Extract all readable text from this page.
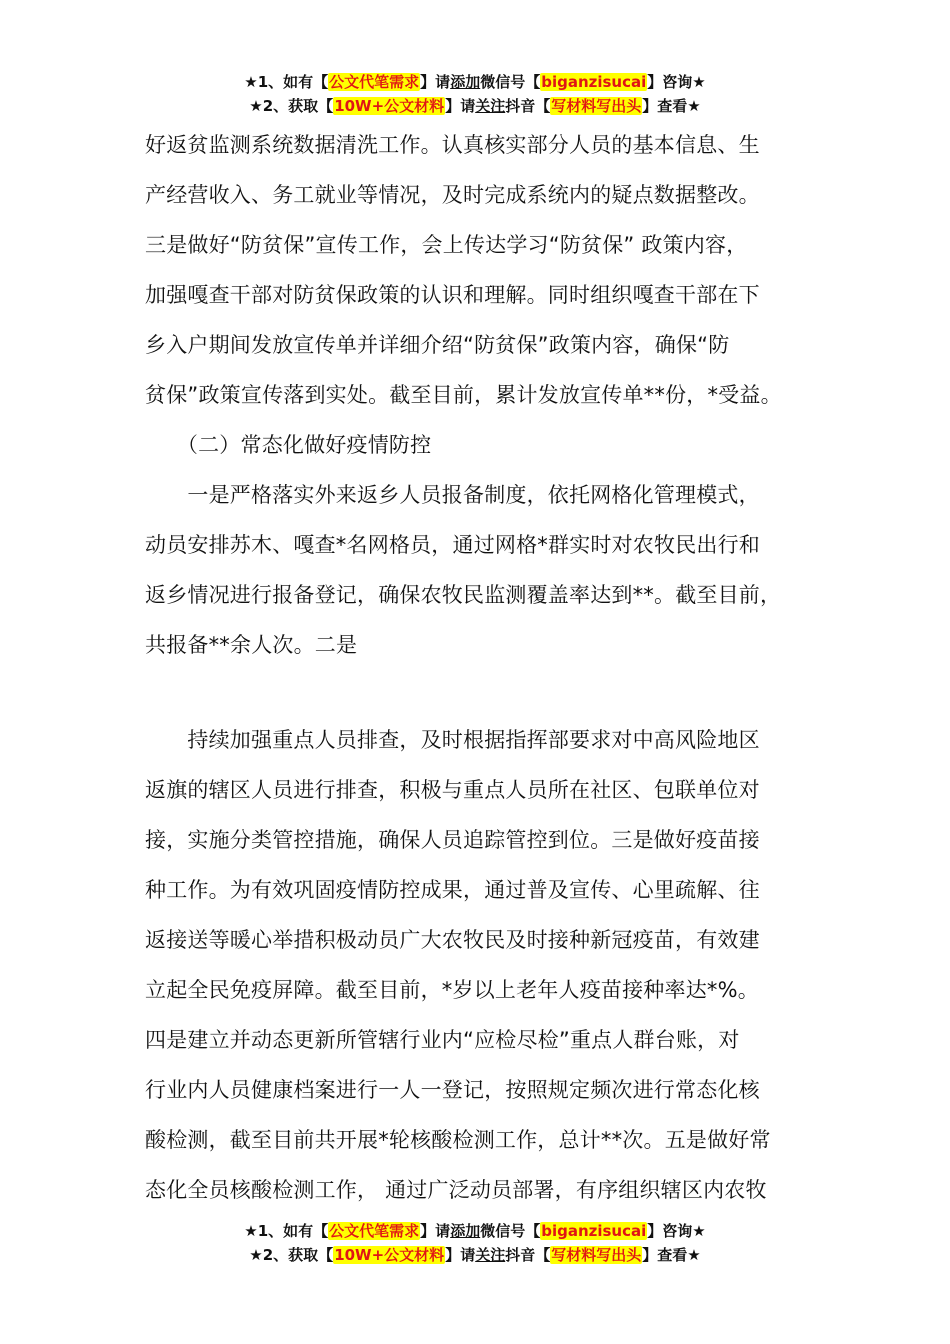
★1、如有【公文代笔需求】请添加微信号【biganzisucai】咨询★
★2、获取【10W+公文材料】请关注抖音【写材料写出头】查看★
好返贫监测系统数据清洗工作。认真核实部分人员的基本信息、生
产经营收入、务工就业等情况，及时完成系统内的疑点数据整改。
三是做好“防贫保”宣传工作，会上传达学习“防贫保” 政策内容，
加强嘎查干部对防贫保政策的认识和理解。同时组织嘎查干部在下
乡入户期间发放宣传单并详细介绍“防贫保”政策内容，确保“防
贫保”政策宣传落到实处。截至目前，累计发放宣传单**份，*受益。
　　（二）常态化做好疫情防控
　　一是严格落实外来返乡人员报备制度，依托网格化管理模式，
动员安排苏木、嘎查*名网格员，通过网格*群实时对农牧民出行和
返乡情况进行报备登记，确保农牧民监测覆盖率达到**。截至目前，
共报备**余人次。二是
　　持续加强重点人员排查，及时根据指挥部要求对中高风险地区
返旗的辖区人员进行排查，积极与重点人员所在社区、包联单位对
接，实施分类管控措施，确保人员追踪管控到位。三是做好疫苗接
种工作。为有效巩固疫情防控成果，通过普及宣传、心里疏解、往
返接送等暖心举措积极动员广大农牧民及时接种新冠疫苗，有效建
立起全民免疫屏障。截至目前，*岁以上老年人疫苗接种率达*%。
四是建立并动态更新所管辖行业内“应检尽检”重点人群台账，对
行业内人员健康档案进行一人一登记，按照规定频次进行常态化核
酸检测，截至目前共开展*轮核酸检测工作，总计**次。五是做好常
态化全员核酸检测工作， 通过广泛动员部署，有序组织辖区内农牧
★1、如有【公文代笔需求】请添加微信号【biganzisucai】咨询★
★2、获取【10W+公文材料】请关注抖音【写材料写出头】查看★
